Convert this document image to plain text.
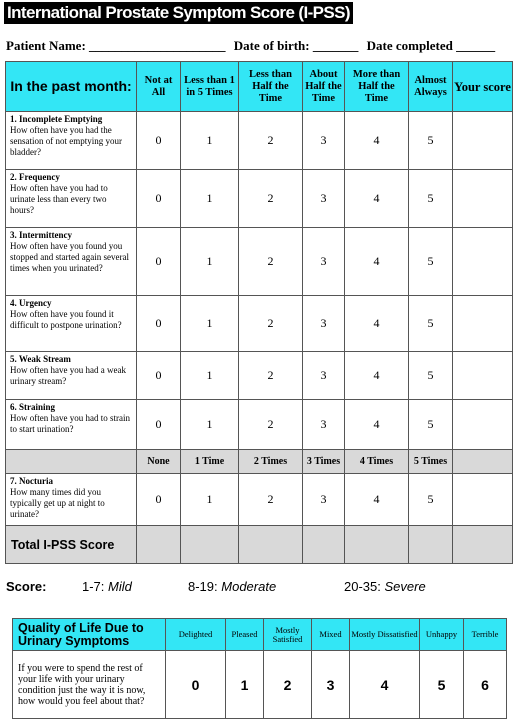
International Prostate Symptom Score (I-PSS)
Patient Name: _____________________ Date of birth: _______ Date completed ______
In the past month:	Not at All	Less than 1 in 5 Times	Less than Half the Time	About Half the Time	More than Half the Time	Almost Always	Your score

1. Incomplete Emptying
How often have you had the sensation of not emptying your bladder?	0	1	2	3	4	5	

2. Frequency
How often have you had to urinate less than every two hours?	0	1	2	3	4	5	

3. Intermittency
How often have you found you stopped and started again several times when you urinated?	0	1	2	3	4	5	

4. Urgency
How often have you found it difficult to postpone urination?	0	1	2	3	4	5	

5. Weak Stream
How often have you had a weak urinary stream?	0	1	2	3	4	5	

6. Straining
How often have you had to strain to start urination?	0	1	2	3	4	5	
	None	1 Time	2 Times	3 Times	4 Times	5 Times	

7. Nocturia
How many times did you typically get up at night to urinate?	0	1	2	3	4	5	
Total I-PSS Score							
Score:	1-7: Mild	8-19: Moderate	20-35: Severe
Quality of Life Due to Urinary Symptoms	Delighted	Pleased	Mostly Satisfied	Mixed	Mostly Dissatisfied	Unhappy	Terrible
If you were to spend the rest of your life with your urinary condition just the way it is now, how would you feel about that?	0	1	2	3	4	5	6
